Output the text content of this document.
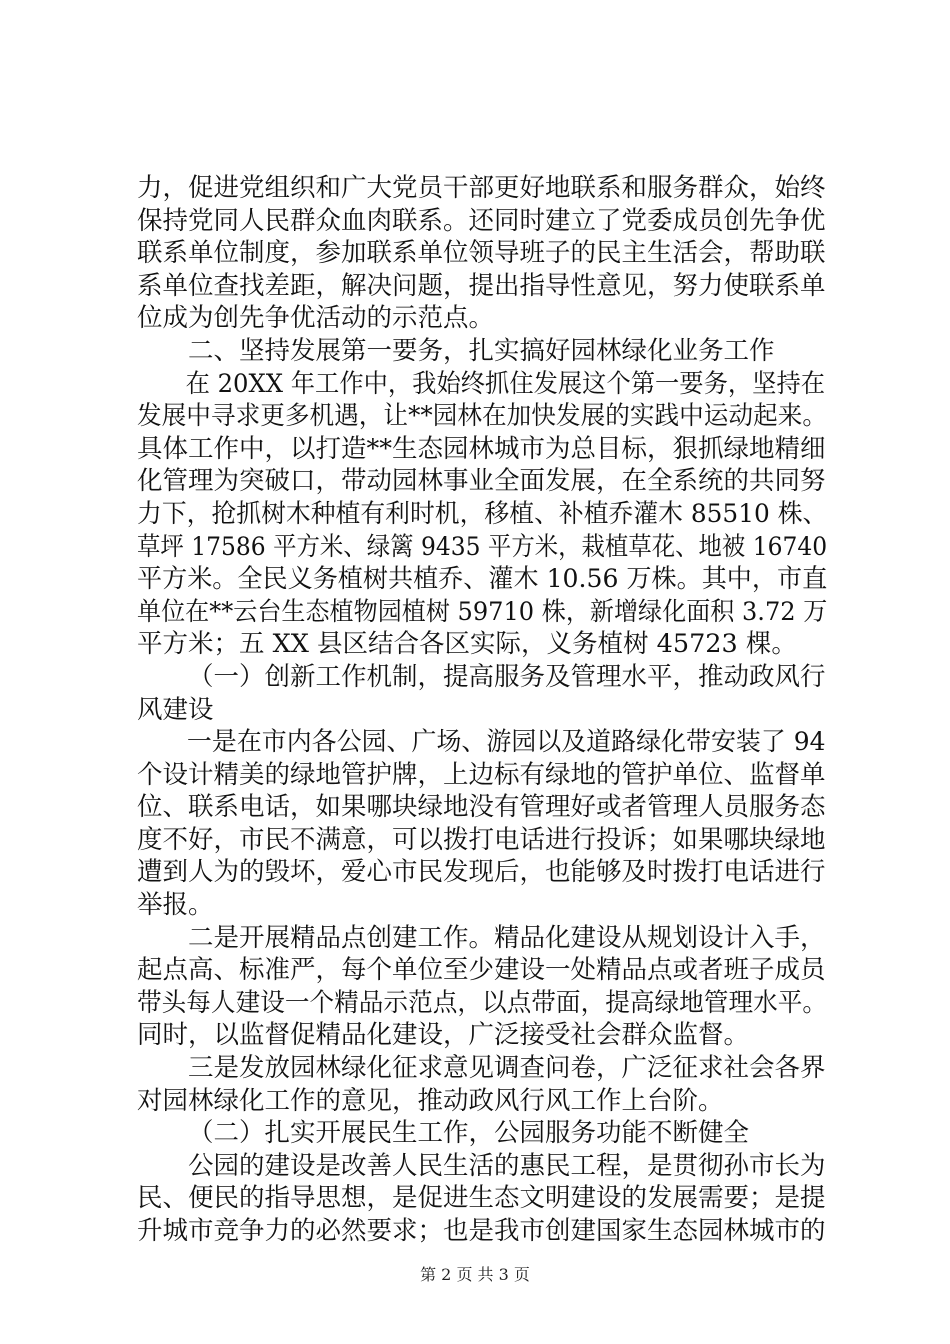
力，促进党组织和广大党员干部更好地联系和服务群众，始终
保持党同人民群众血肉联系。还同时建立了党委成员创先争优
联系单位制度，参加联系单位领导班子的民主生活会，帮助联
系单位查找差距，解决问题，提出指导性意见，努力使联系单
位成为创先争优活动的示范点。
二、坚持发展第一要务，扎实搞好园林绿化业务工作
在 20XX 年工作中，我始终抓住发展这个第一要务，坚持在
发展中寻求更多机遇，让**园林在加快发展的实践中运动起来。
具体工作中，以打造**生态园林城市为总目标，狠抓绿地精细
化管理为突破口，带动园林事业全面发展，在全系统的共同努
力下，抢抓树木种植有利时机，移植、补植乔灌木 85510 株、
草坪 17586 平方米、绿篱 9435 平方米，栽植草花、地被 16740
平方米。全民义务植树共植乔、灌木 10.56 万株。其中，市直
单位在**云台生态植物园植树 59710 株，新增绿化面积 3.72 万
平方米；五 XX 县区结合各区实际，义务植树 45723 棵。
（一）创新工作机制，提高服务及管理水平，推动政风行
风建设
一是在市内各公园、广场、游园以及道路绿化带安装了 94
个设计精美的绿地管护牌，上边标有绿地的管护单位、监督单
位、联系电话，如果哪块绿地没有管理好或者管理人员服务态
度不好，市民不满意，可以拨打电话进行投诉；如果哪块绿地
遭到人为的毁坏，爱心市民发现后，也能够及时拨打电话进行
举报。
二是开展精品点创建工作。精品化建设从规划设计入手，
起点高、标准严，每个单位至少建设一处精品点或者班子成员
带头每人建设一个精品示范点，以点带面，提高绿地管理水平。
同时，以监督促精品化建设，广泛接受社会群众监督。
三是发放园林绿化征求意见调查问卷，广泛征求社会各界
对园林绿化工作的意见，推动政风行风工作上台阶。
（二）扎实开展民生工作，公园服务功能不断健全
公园的建设是改善人民生活的惠民工程，是贯彻孙市长为
民、便民的指导思想，是促进生态文明建设的发展需要；是提
升城市竞争力的必然要求；也是我市创建国家生态园林城市的
第 2 页 共 3 页
